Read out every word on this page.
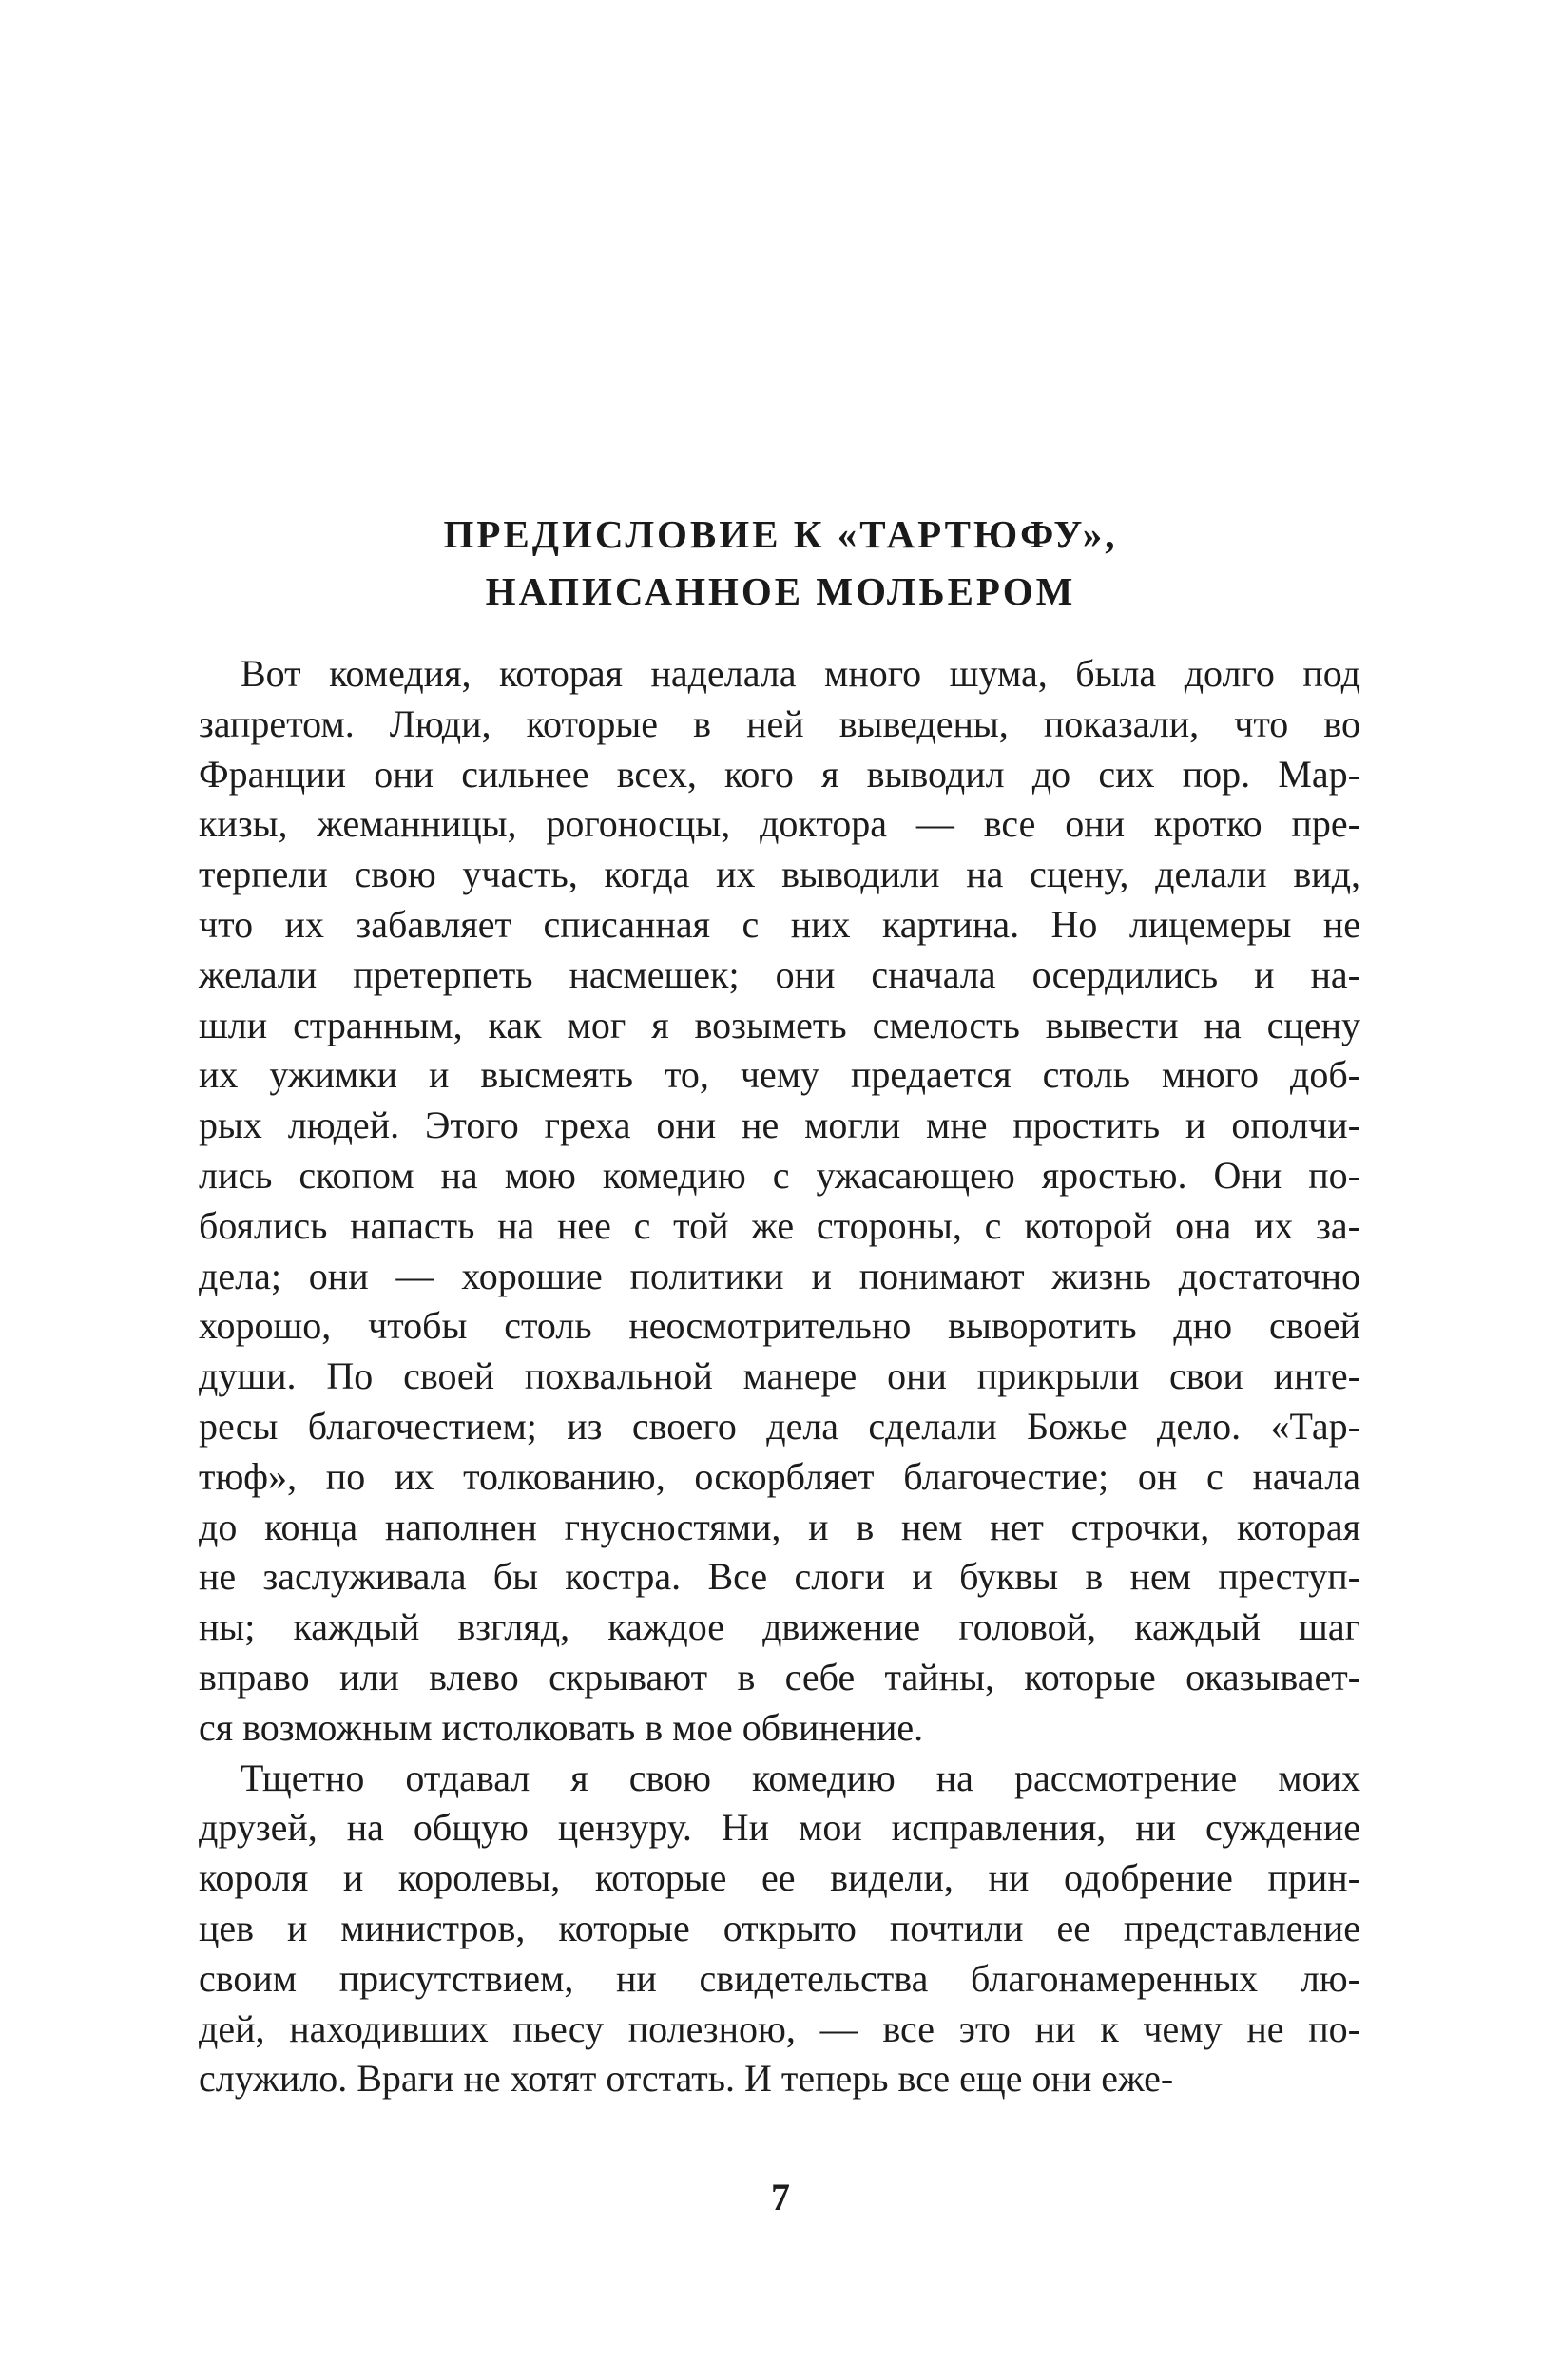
ПРЕДИСЛОВИЕ К «ТАРТЮФУ»,
НАПИСАННОЕ МОЛЬЕРОМ
Вот комедия, которая наделала много шума, была долго под
запретом. Люди, которые в ней выведены, показали, что во
Франции они сильнее всех, кого я выводил до сих пор. Мар-
кизы, жеманницы, рогоносцы, доктора — все они кротко пре-
терпели свою участь, когда их выводили на сцену, делали вид,
что их забавляет списанная с них картина. Но лицемеры не
желали претерпеть насмешек; они сначала осердились и на-
шли странным, как мог я возыметь смелость вывести на сцену
их ужимки и высмеять то, чему предается столь много доб-
рых людей. Этого греха они не могли мне простить и ополчи-
лись скопом на мою комедию с ужасающею яростью. Они по-
боялись напасть на нее с той же стороны, с которой она их за-
дела; они — хорошие политики и понимают жизнь достаточно
хорошо, чтобы столь неосмотрительно выворотить дно своей
души. По своей похвальной манере они прикрыли свои инте-
ресы благочестием; из своего дела сделали Божье дело. «Тар-
тюф», по их толкованию, оскорбляет благочестие; он с начала
до конца наполнен гнусностями, и в нем нет строчки, которая
не заслуживала бы костра. Все слоги и буквы в нем преступ-
ны; каждый взгляд, каждое движение головой, каждый шаг
вправо или влево скрывают в себе тайны, которые оказывает-
ся возможным истолковать в мое обвинение.
Тщетно отдавал я свою комедию на рассмотрение моих
друзей, на общую цензуру. Ни мои исправления, ни суждение
короля и королевы, которые ее видели, ни одобрение прин-
цев и министров, которые открыто почтили ее представление
своим присутствием, ни свидетельства благонамеренных лю-
дей, находивших пьесу полезною, — все это ни к чему не по-
служило. Враги не хотят отстать. И теперь все еще они еже-
7
